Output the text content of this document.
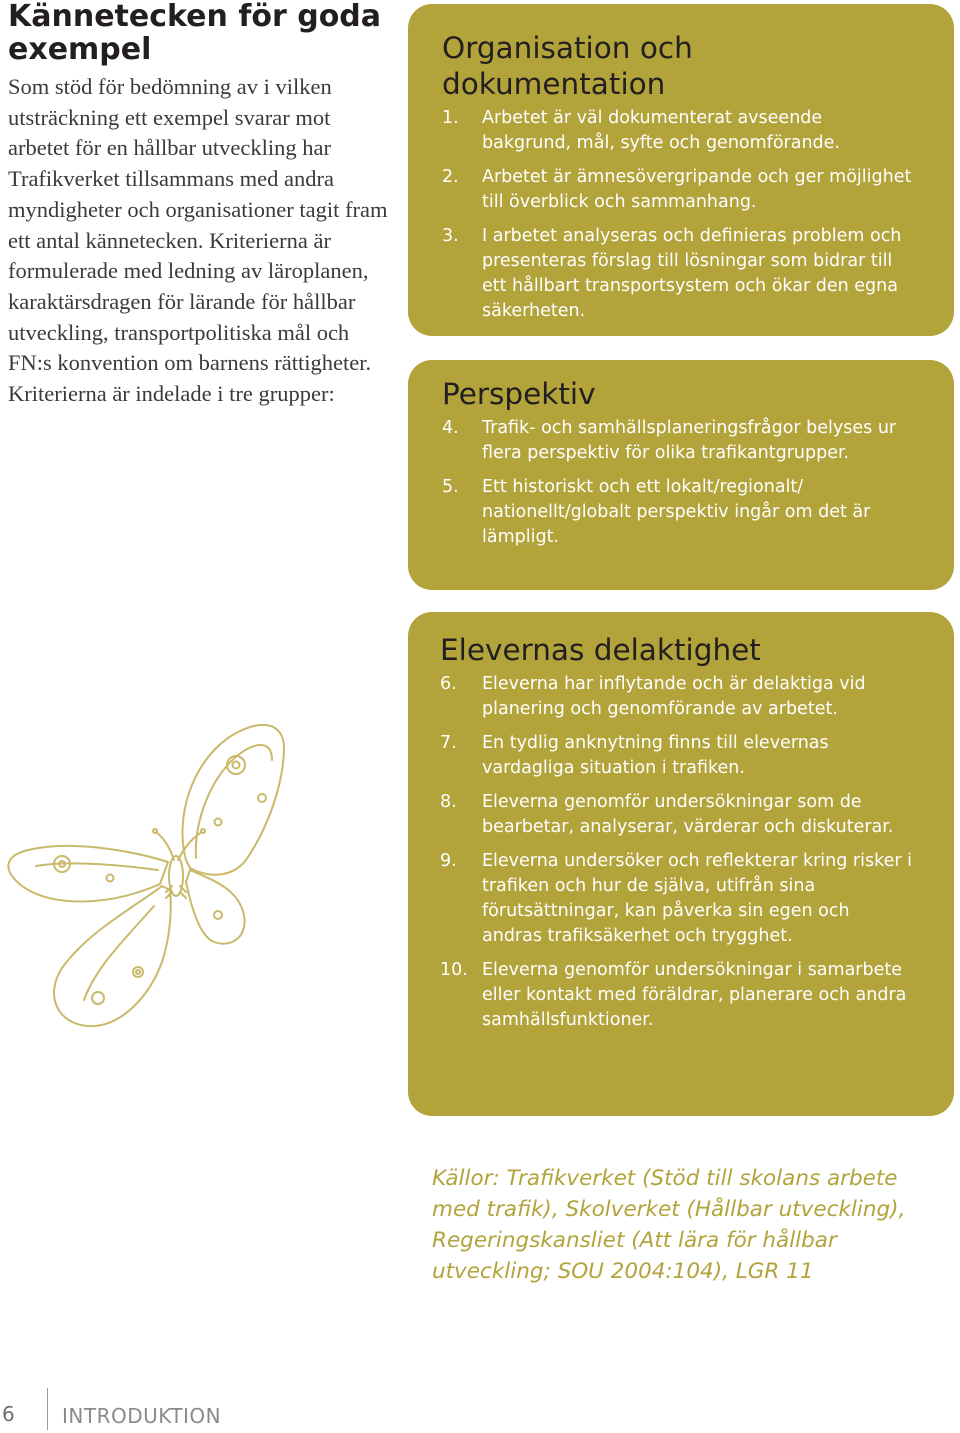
Kännetecken för goda exempel

Som stöd för bedömning av i vilken utsträckning ett exempel svarar mot arbetet för en hållbar utveckling har Trafikverket tillsammans med andra myndigheter och organisationer tagit fram ett antal kännetecken. Kriterierna är formulerade med ledning av läroplanen, karaktärsdragen för lärande för hållbar utveckling, transportpolitiska mål och FN:s konvention om barnens rättigheter. Kriterierna är indelade i tre grupper:

Organisation och dokumentation
1.	Arbetet är väl dokumenterat avseende bakgrund, mål, syfte och genomförande.
2.	Arbetet är ämnesövergripande och ger möjlighet till överblick och sammanhang.
3.	I arbetet analyseras och definieras problem och presenteras förslag till lösningar som bidrar till ett hållbart transportsystem och ökar den egna säkerheten.
Perspektiv
4.	Trafik- och samhällsplaneringsfrågor belyses ur flera perspektiv för olika trafikantgrupper.
5.	Ett historiskt och ett lokalt/regionalt/ nationellt/globalt perspektiv ingår om det är lämpligt.
Elevernas delaktighet
6.	Eleverna har inflytande och är delaktiga vid planering och genomförande av arbetet.
7.	En tydlig anknytning finns till elevernas vardagliga situation i trafiken.
8.	Eleverna genomför undersökningar som de bearbetar, analyserar, värderar och diskuterar.
9.	Eleverna undersöker och reflekterar kring risker i trafiken och hur de själva, utifrån sina förutsättningar, kan påverka sin egen och andras trafiksäkerhet och trygghet.
10. Eleverna genomför undersökningar i samarbete eller kontakt med föräldrar, planerare och andra samhällsfunktioner.

Källor: Trafikverket (Stöd till skolans arbete med trafik), Skolverket (Hållbar utveckling), Regeringskansliet (Att lära för hållbar utveckling; SOU 2004:104), LGR 11

6 INTRODUKTION
